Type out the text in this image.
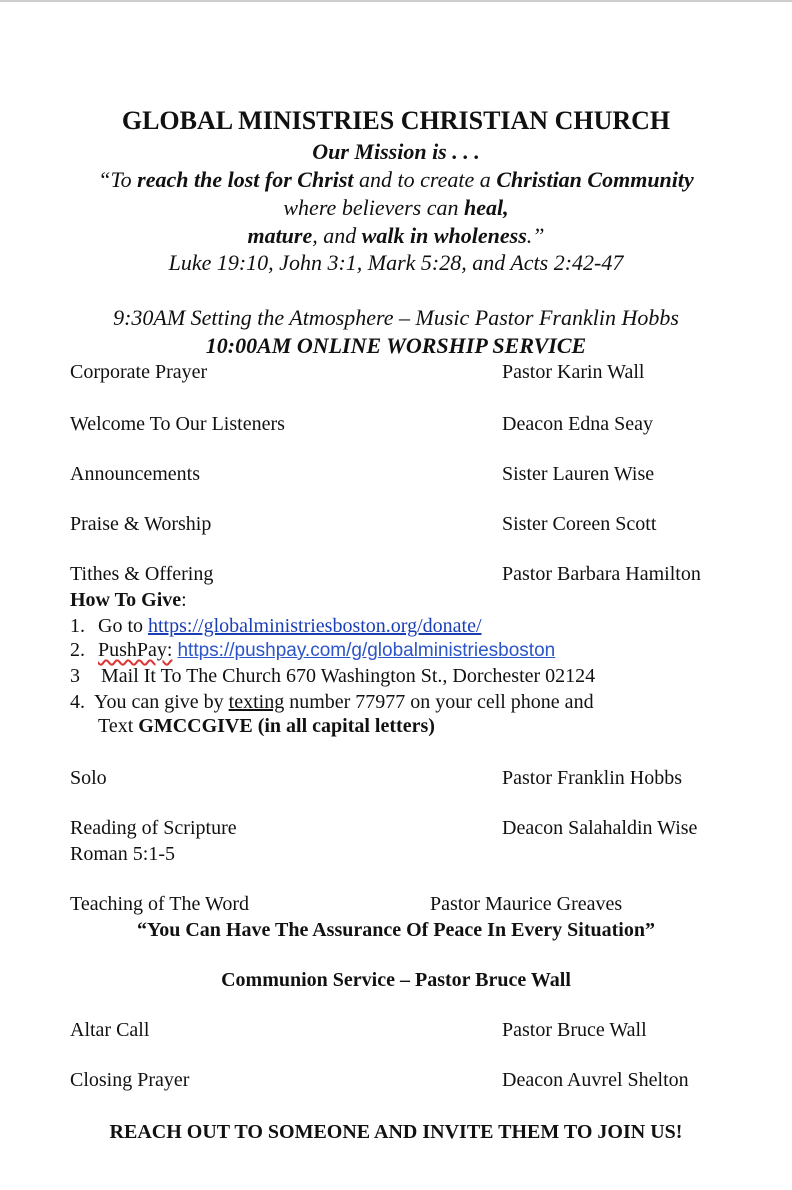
GLOBAL MINISTRIES CHRISTIAN CHURCH
Our Mission is . . .
“To reach the lost for Christ and to create a Christian Community
where believers can heal,
mature, and walk in wholeness.”
Luke 19:10, John 3:1, Mark 5:28, and Acts 2:42-47
9:30AM Setting the Atmosphere – Music Pastor Franklin Hobbs
10:00AM ONLINE WORSHIP SERVICE
Corporate Prayer	Pastor Karin Wall
Welcome To Our Listeners	Deacon Edna Seay
Announcements	Sister Lauren Wise
Praise & Worship	Sister Coreen Scott
Tithes & Offering	Pastor Barbara Hamilton
How To Give:
1. Go to https://globalministriesboston.org/donate/
2. PushPay: https://pushpay.com/g/globalministriesboston
3 Mail It To The Church 670 Washington St., Dorchester 02124
4. You can give by texting number 77977 on your cell phone and
Text GMCCGIVE (in all capital letters)
Solo	Pastor Franklin Hobbs
Reading of Scripture	Deacon Salahaldin Wise
Roman 5:1-5
Teaching of The Word	Pastor Maurice Greaves
“You Can Have The Assurance Of Peace In Every Situation”
Communion Service – Pastor Bruce Wall
Altar Call	Pastor Bruce Wall
Closing Prayer	Deacon Auvrel Shelton
REACH OUT TO SOMEONE AND INVITE THEM TO JOIN US!
